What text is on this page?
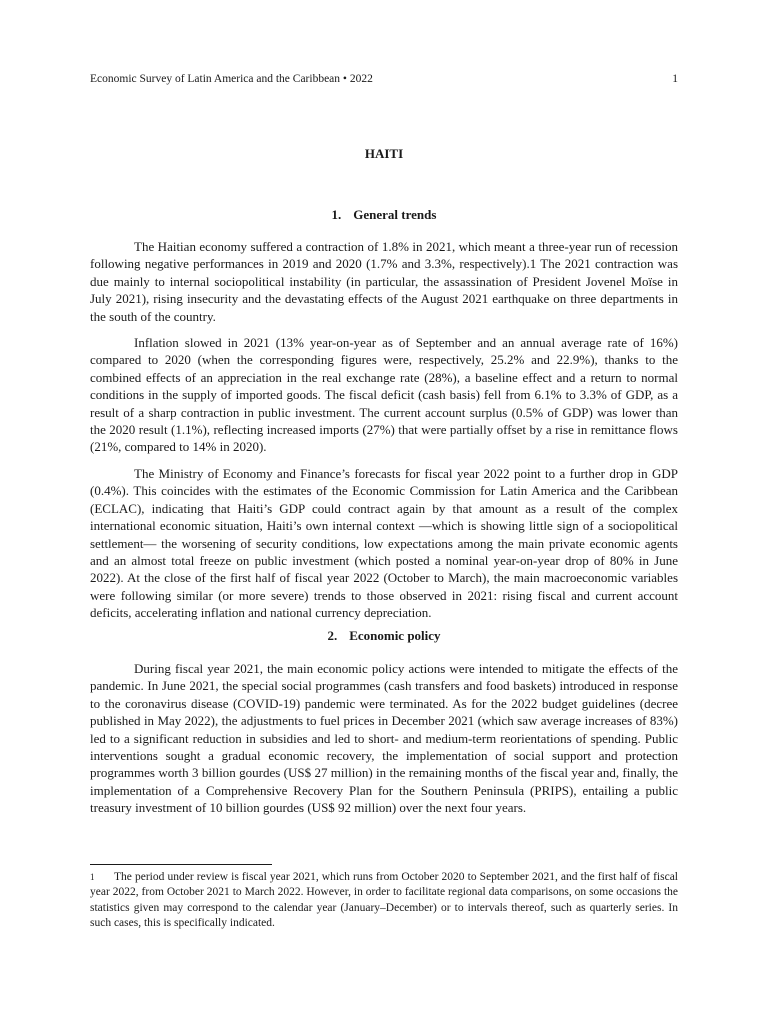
Economic Survey of Latin America and the Caribbean • 2022	1
HAITI
1. General trends

The Haitian economy suffered a contraction of 1.8% in 2021, which meant a three-year run of recession following negative performances in 2019 and 2020 (1.7% and 3.3%, respectively).1 The 2021 contraction was due mainly to internal sociopolitical instability (in particular, the assassination of President Jovenel Moïse in July 2021), rising insecurity and the devastating effects of the August 2021 earthquake on three departments in the south of the country.

Inflation slowed in 2021 (13% year-on-year as of September and an annual average rate of 16%) compared to 2020 (when the corresponding figures were, respectively, 25.2% and 22.9%), thanks to the combined effects of an appreciation in the real exchange rate (28%), a baseline effect and a return to normal conditions in the supply of imported goods. The fiscal deficit (cash basis) fell from 6.1% to 3.3% of GDP, as a result of a sharp contraction in public investment. The current account surplus (0.5% of GDP) was lower than the 2020 result (1.1%), reflecting increased imports (27%) that were partially offset by a rise in remittance flows (21%, compared to 14% in 2020).

The Ministry of Economy and Finance’s forecasts for fiscal year 2022 point to a further drop in GDP (0.4%). This coincides with the estimates of the Economic Commission for Latin America and the Caribbean (ECLAC), indicating that Haiti’s GDP could contract again by that amount as a result of the complex international economic situation, Haiti’s own internal context —which is showing little sign of a sociopolitical settlement— the worsening of security conditions, low expectations among the main private economic agents and an almost total freeze on public investment (which posted a nominal year-on-year drop of 80% in June 2022). At the close of the first half of fiscal year 2022 (October to March), the main macroeconomic variables were following similar (or more severe) trends to those observed in 2021: rising fiscal and current account deficits, accelerating inflation and national currency depreciation.

2. Economic policy

During fiscal year 2021, the main economic policy actions were intended to mitigate the effects of the pandemic. In June 2021, the special social programmes (cash transfers and food baskets) introduced in response to the coronavirus disease (COVID-19) pandemic were terminated. As for the 2022 budget guidelines (decree published in May 2022), the adjustments to fuel prices in December 2021 (which saw average increases of 83%) led to a significant reduction in subsidies and led to short- and medium-term reorientations of spending. Public interventions sought a gradual economic recovery, the implementation of social support and protection programmes worth 3 billion gourdes (US$ 27 million) in the remaining months of the fiscal year and, finally, the implementation of a Comprehensive Recovery Plan for the Southern Peninsula (PRIPS), entailing a public treasury investment of 10 billion gourdes (US$ 92 million) over the next four years.

1 The period under review is fiscal year 2021, which runs from October 2020 to September 2021, and the first half of fiscal year 2022, from October 2021 to March 2022. However, in order to facilitate regional data comparisons, on some occasions the statistics given may correspond to the calendar year (January–December) or to intervals thereof, such as quarterly series. In such cases, this is specifically indicated.
